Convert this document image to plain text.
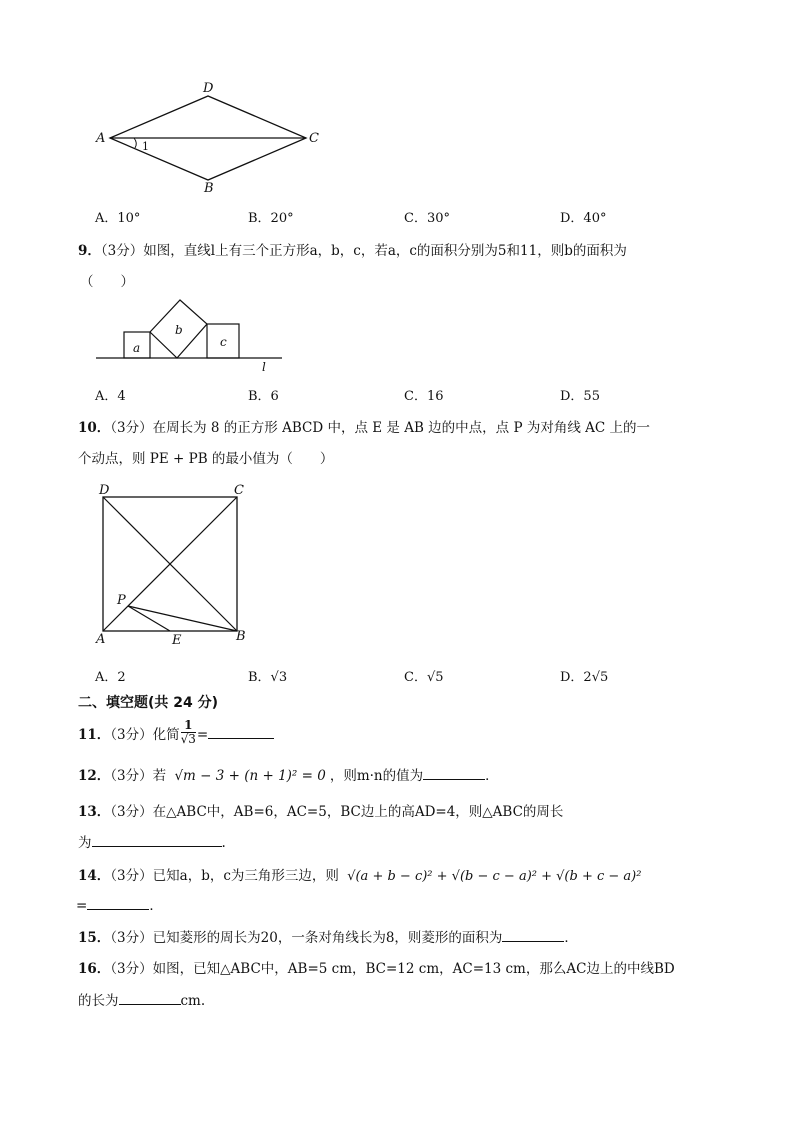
D
A	C
B
1
A．10°	B．20°	C．30°	D．40°
9．（3分）如图，直线l上有三个正方形a，b，c，若a，c的面积分别为5和11，则b的面积为
（　　）
a
b
c
l
A．4	B．6	C．16	D．55
10．（3分）在周长为 8 的正方形 ABCD 中，点 E 是 AB 边的中点，点 P 为对角线 AC 上的一
个动点，则 PE + PB 的最小值为（　　）
D	C
P
A	E	B
A．2	B．√3	C．√5	D．2√5
二、填空题(共 24 分)
11．（3分）化简 $\frac{1}{√3}$ =
12．（3分）若 √m − 3 + (n + 1)² = 0 ，则m·n的值为	．
13．（3分）在△ABC中，AB=6，AC=5，BC边上的高AD=4，则△ABC的周长
为	.
14．（3分）已知a，b，c为三角形三边，则 √(a + b − c)² + √(b − c − a)² + √(b + c − a)²
=	．
15．（3分）已知菱形的周长为20，一条对角线长为8，则菱形的面积为	．
16．（3分）如图，已知△ABC中，AB=5 cm，BC=12 cm，AC=13 cm，那么AC边上的中线BD
的长为	cm.
